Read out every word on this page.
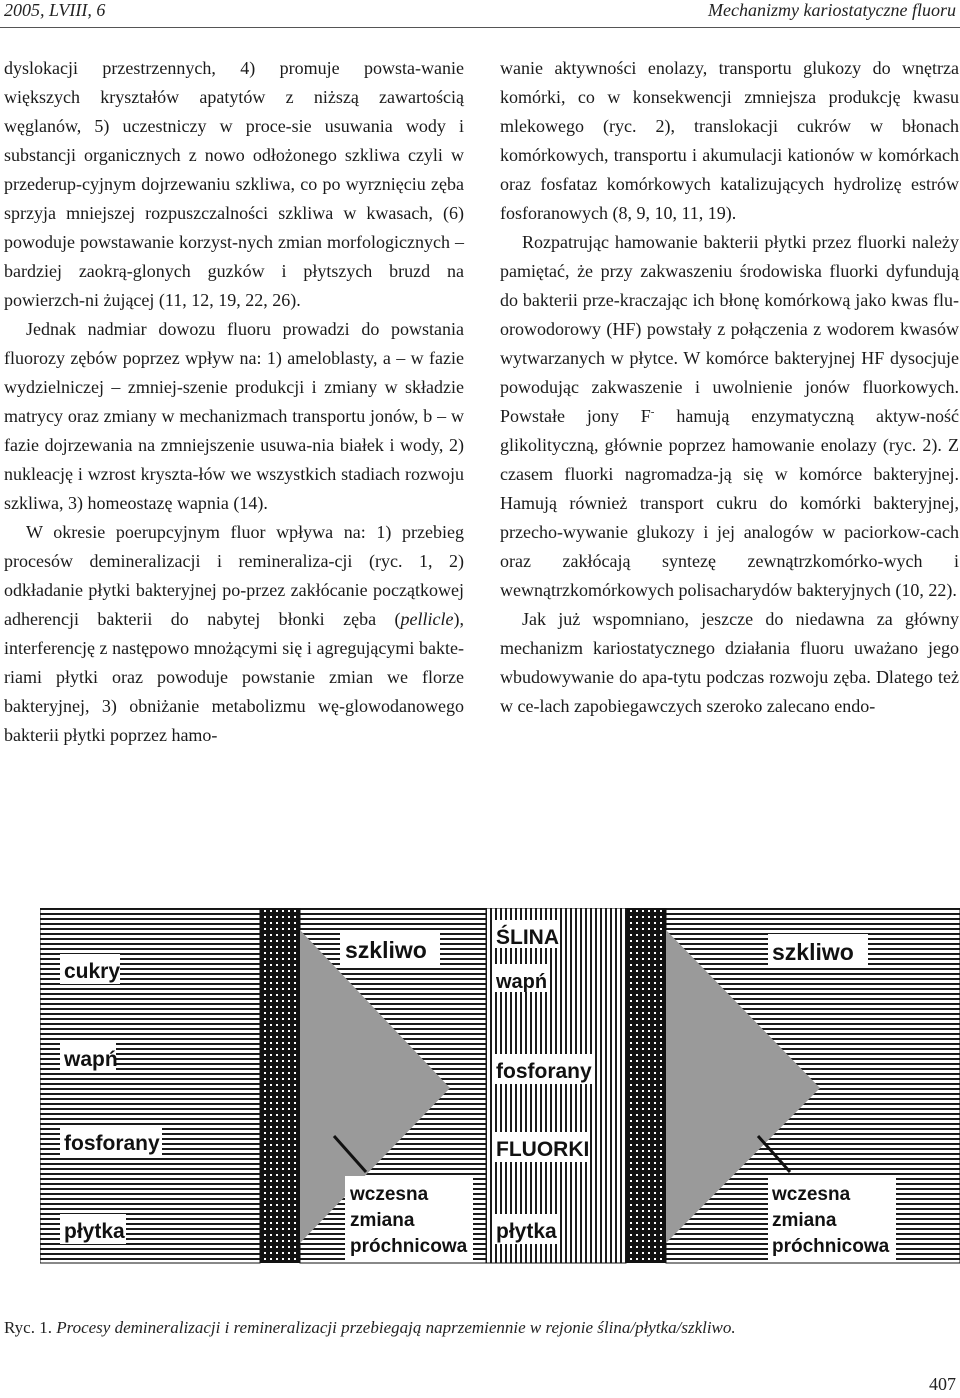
2005, LVIII, 6	Mechanizmy kariostatyczne fluoru

dyslokacji przestrzennych, 4) promuje powsta-wanie większych kryształów apatytów z niższą zawartością węglanów, 5) uczestniczy w proce-sie usuwania wody i substancji organicznych z nowo odłożonego szkliwa czyli w przederup-cyjnym dojrzewaniu szkliwa, co po wyrznięciu zęba sprzyja mniejszej rozpuszczalności szkliwa w kwasach, (6) powoduje powstawanie korzyst-nych zmian morfologicznych – bardziej zaokrą-glonych guzków i płytszych bruzd na powierzch-ni żującej (11, 12, 19, 22, 26).

Jednak nadmiar dowozu fluoru prowadzi do powstania fluorozy zębów poprzez wpływ na: 1) ameloblasty, a – w fazie wydzielniczej – zmniej-szenie produkcji i zmiany w składzie matrycy oraz zmiany w mechanizmach transportu jonów, b – w fazie dojrzewania na zmniejszenie usuwa-nia białek i wody, 2) nukleację i wzrost kryszta-łów we wszystkich stadiach rozwoju szkliwa, 3) homeostazę wapnia (14).

W okresie poerupcyjnym fluor wpływa na: 1) przebieg procesów demineralizacji i remineraliza-cji (ryc. 1, 2) odkładanie płytki bakteryjnej po-przez zakłócanie początkowej adherencji bakterii do nabytej błonki zęba (pellicle), interferencję z następowo mnożącymi się i agregującymi bakte-riami płytki oraz powoduje powstanie zmian we florze bakteryjnej, 3) obniżanie metabolizmu wę-glowodanowego bakterii płytki poprzez hamo-

wanie aktywności enolazy, transportu glukozy do wnętrza komórki, co w konsekwencji zmniejsza produkcję kwasu mlekowego (ryc. 2), translokacji cukrów w błonach komórkowych, transportu i akumulacji kationów w komórkach oraz fosfataz komórkowych katalizujących hydrolizę estrów fosforanowych (8, 9, 10, 11, 19).

Rozpatrując hamowanie bakterii płytki przez fluorki należy pamiętać, że przy zakwaszeniu środowiska fluorki dyfundują do bakterii prze-kraczając ich błonę komórkową jako kwas flu-orowodorowy (HF) powstały z połączenia z wodorem kwasów wytwarzanych w płytce. W komórce bakteryjnej HF dysocjuje powodując zakwaszenie i uwolnienie jonów fluorkowych. Powstałe jony F- hamują enzymatyczną aktyw-ność glikolityczną, głównie poprzez hamowanie enolazy (ryc. 2). Z czasem fluorki nagromadza-ją się w komórce bakteryjnej. Hamują również transport cukru do komórki bakteryjnej, przecho-wywanie glukozy i jej analogów w paciorkow-cach oraz zakłócają syntezę zewnątrzkomórko-wych i wewnątrzkomórkowych polisacharydów bakteryjnych (10, 22).

Jak już wspomniano, jeszcze do niedawna za główny mechanizm kariostatycznego działania fluoru uważano jego wbudowywanie do apa-tytu podczas rozwoju zęba. Dlatego też w ce-lach zapobiegawczych szeroko zalecano endo-

szkliwo
cukry
wapń
fosforany
płytka
wczesna
zmiana
próchnicowa
szkliwo
ŚLINA
wapń
fosforany
FLUORKI
płytka
wczesna
zmiana
próchnicowa
Ryc. 1. Procesy demineralizacji i remineralizacji przebiegają naprzemiennie w rejonie ślina/płytka/szkliwo.
407
